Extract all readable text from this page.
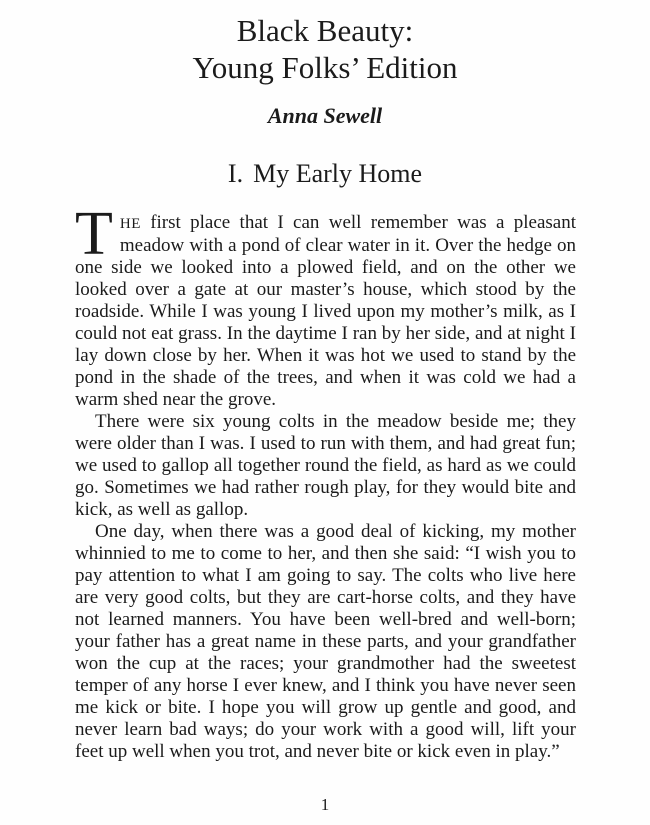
Black Beauty:
Young Folks’ Edition
Anna Sewell
I. My Early Home

THE first place that I can well remember was a pleasant meadow with a pond of clear water in it. Over the hedge on one side we looked into a plowed field, and on the other we looked over a gate at our master’s house, which stood by the roadside. While I was young I lived upon my mother’s milk, as I could not eat grass. In the daytime I ran by her side, and at night I lay down close by her. When it was hot we used to stand by the pond in the shade of the trees, and when it was cold we had a warm shed near the grove.

There were six young colts in the meadow beside me; they were older than I was. I used to run with them, and had great fun; we used to gallop all together round the field, as hard as we could go. Sometimes we had rather rough play, for they would bite and kick, as well as gallop.

One day, when there was a good deal of kicking, my mother whinnied to me to come to her, and then she said: “I wish you to pay attention to what I am going to say. The colts who live here are very good colts, but they are cart-horse colts, and they have not learned manners. You have been well-bred and well-born; your father has a great name in these parts, and your grandfather won the cup at the races; your grandmother had the sweetest temper of any horse I ever knew, and I think you have never seen me kick or bite. I hope you will grow up gentle and good, and never learn bad ways; do your work with a good will, lift your feet up well when you trot, and never bite or kick even in play.”

1
